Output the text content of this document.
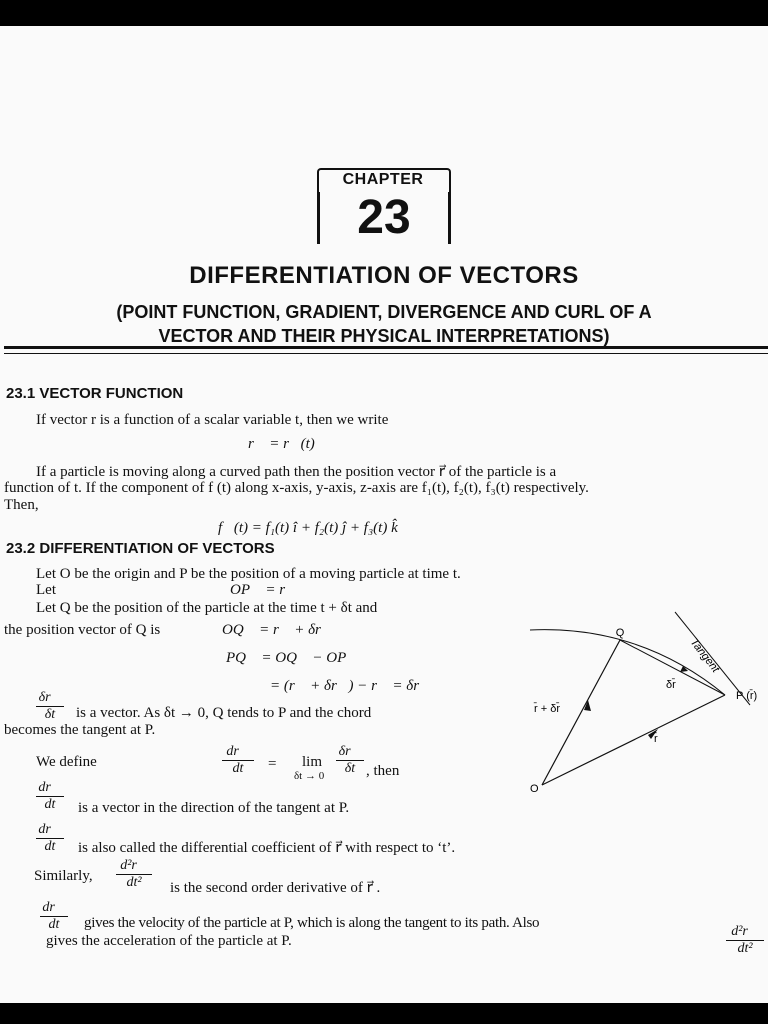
CHAPTER
23
DIFFERENTIATION OF VECTORS
(POINT FUNCTION, GRADIENT, DIVERGENCE AND CURL OF A
VECTOR AND THEIR PHYSICAL INTERPRETATIONS)
23.1 VECTOR FUNCTION
If vector r is a function of a scalar variable t, then we write
r⃗ = r⃗(t)
If a particle is moving along a curved path then the position vector r⃗ of the particle is a
function of t. If the component of f (t) along x-axis, y-axis, z-axis are f₁(t), f₂(t), f₃(t) respectively.
Then,
f⃗(t) = f₁(t) î + f₂(t) ĵ + f₃(t) k̂
23.2 DIFFERENTIATION OF VECTORS
Let O be the origin and P be the position of a moving particle at time t.
Let	OP⃗ = r⃗
Let Q be the position of the particle at the time t + δt and
the position vector of Q is	OQ⃗ = r⃗ + δr⃗
PQ⃗ = OQ⃗ − OP⃗
= (r⃗ + δr⃗) − r⃗ = δr⃗
$\frac{\delta r⃗}{\delta t}$ is a vector. As δt → 0, Q tends to P and the chord
becomes the tangent at P.
We define	$\frac{dr⃗}{dt} = \lim$
$\delta t \to 0 \frac{\delta r⃗}{\delta t}$ , then
$\frac{dr⃗}{dt}$ is a vector in the direction of the tangent at P.
$\frac{dr⃗}{dt}$ is also called the differential coefficient of r⃗ with respect to ‘t’.
Similarly, $\frac{\text{d²r⃗}}{\text{dt²}}$ is the second order derivative of r⃗ .
$\frac{dr⃗}{dt}$ gives the velocity of the particle at P, which is along the tangent to its path. Also
$\frac{\text{d²r⃗}}{\text{dt²}}$
gives the acceleration of the particle at P.
Q
P (r̄)
O
Tangent
δr̄
r̄
r̄ + δr̄
